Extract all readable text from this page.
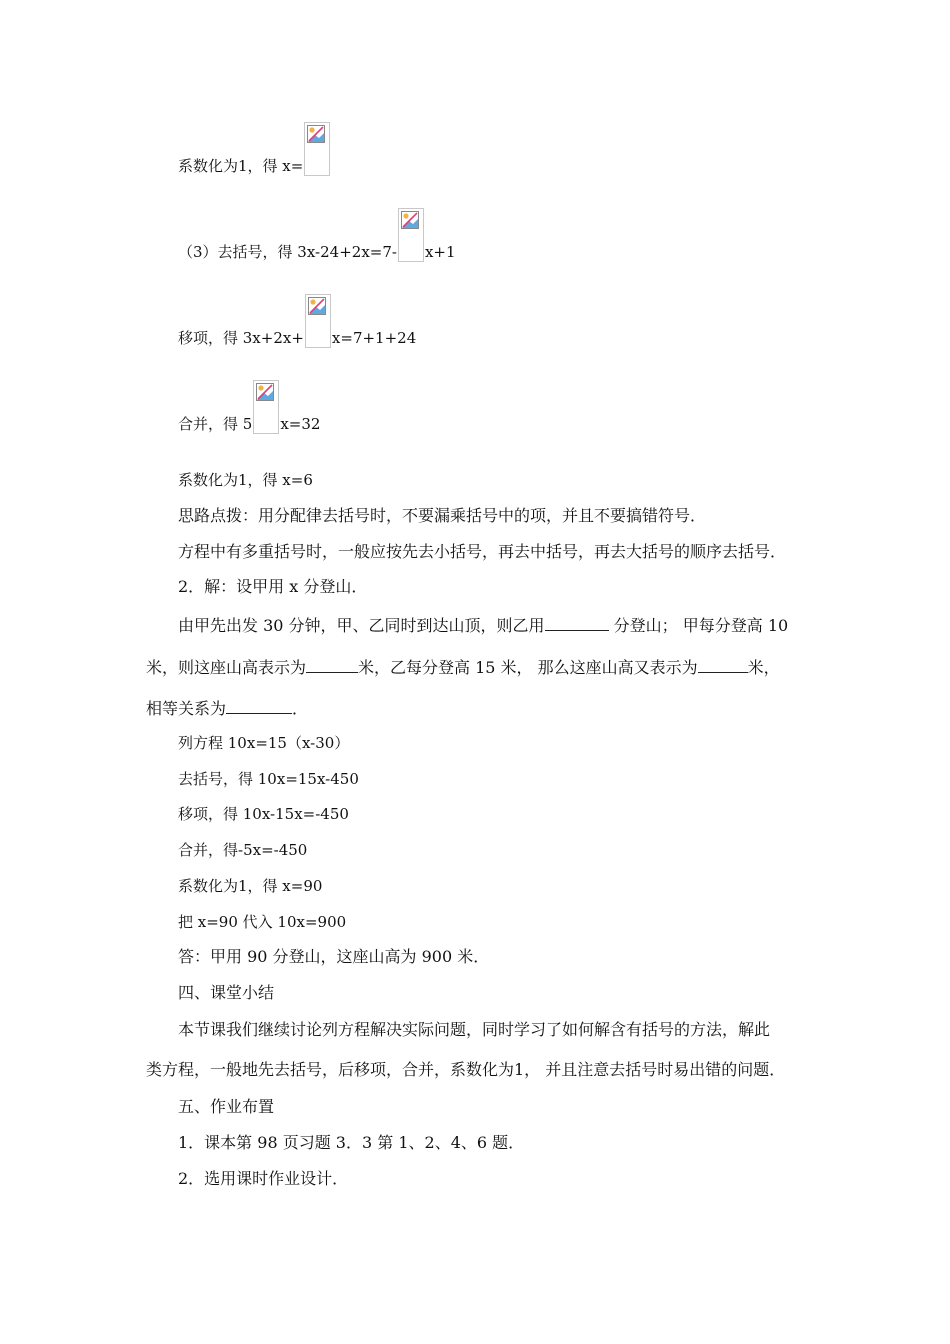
系数化为1，得 x=
（3）去括号，得 3x-24+2x=7- x+1
移项，得 3x+2x+ x=7+1+24
合并，得 5 x=32
系数化为1，得 x=6
思路点拨：用分配律去括号时，不要漏乘括号中的项，并且不要搞错符号．
方程中有多重括号时，一般应按先去小括号，再去中括号，再去大括号的顺序去括号．
2．解：设甲用 x 分登山．
由甲先出发 30 分钟，甲、乙同时到达山顶，则乙用	分登山； 甲每分登高 10
米，则这座山高表示为	米，乙每分登高 15 米， 那么这座山高又表示为	米，
相等关系为	．
列方程 10x=15（x-30）
去括号，得 10x=15x-450
移项，得 10x-15x=-450
合并，得-5x=-450
系数化为1，得 x=90
把 x=90 代入 10x=900
答：甲用 90 分登山，这座山高为 900 米．
四、课堂小结
本节课我们继续讨论列方程解决实际问题，同时学习了如何解含有括号的方法，解此
类方程，一般地先去括号，后移项，合并，系数化为1， 并且注意去括号时易出错的问题．
五、作业布置
1．课本第 98 页习题 3．3 第 1、2、4、6 题．
2．选用课时作业设计．
